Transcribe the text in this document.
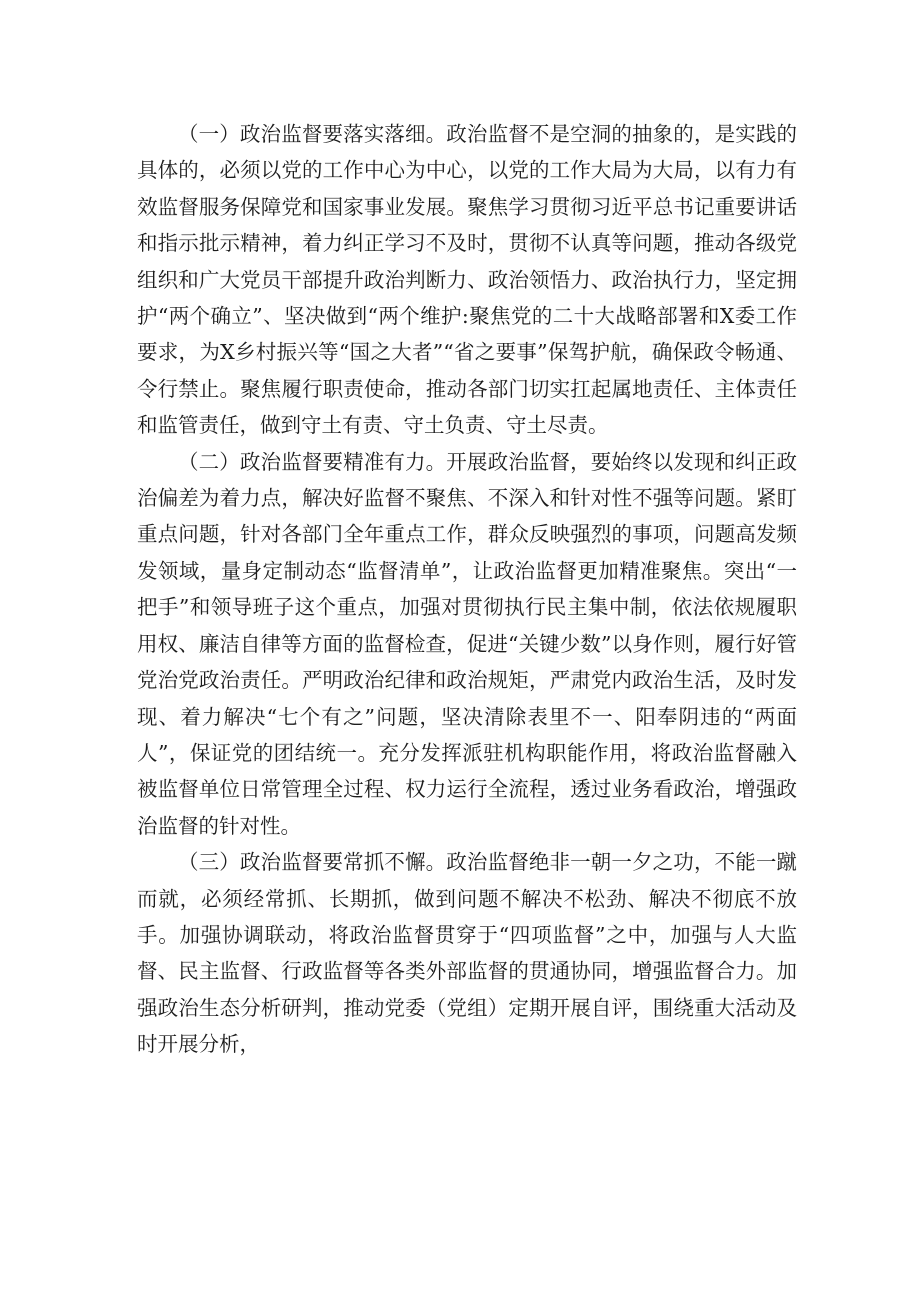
（一）政治监督要落实落细。政治监督不是空洞的抽象的，是实践的具体的，必须以党的工作中心为中心，以党的工作大局为大局，以有力有效监督服务保障党和国家事业发展。聚焦学习贯彻习近平总书记重要讲话和指示批示精神，着力纠正学习不及时，贯彻不认真等问题，推动各级党组织和广大党员干部提升政治判断力、政治领悟力、政治执行力，坚定拥护“两个确立”、坚决做到“两个维护:聚焦党的二十大战略部署和X委工作要求，为X乡村振兴等“国之大者”“省之要事”保驾护航，确保政令畅通、令行禁止。聚焦履行职责使命，推动各部门切实扛起属地责任、主体责任和监管责任，做到守土有责、守土负责、守土尽责。

（二）政治监督要精准有力。开展政治监督，要始终以发现和纠正政治偏差为着力点，解决好监督不聚焦、不深入和针对性不强等问题。紧盯重点问题，针对各部门全年重点工作，群众反映强烈的事项，问题高发频发领域，量身定制动态“监督清单”，让政治监督更加精准聚焦。突出“一把手”和领导班子这个重点，加强对贯彻执行民主集中制，依法依规履职用权、廉洁自律等方面的监督检查，促进“关键少数”以身作则，履行好管党治党政治责任。严明政治纪律和政治规矩，严肃党内政治生活，及时发现、着力解决“七个有之”问题，坚决清除表里不一、阳奉阴违的“两面人”，保证党的团结统一。充分发挥派驻机构职能作用，将政治监督融入被监督单位日常管理全过程、权力运行全流程，透过业务看政治，增强政治监督的针对性。

（三）政治监督要常抓不懈。政治监督绝非一朝一夕之功，不能一蹴而就，必须经常抓、长期抓，做到问题不解决不松劲、解决不彻底不放手。加强协调联动，将政治监督贯穿于“四项监督”之中，加强与人大监督、民主监督、行政监督等各类外部监督的贯通协同，增强监督合力。加强政治生态分析研判，推动党委（党组）定期开展自评，围绕重大活动及时开展分析，
